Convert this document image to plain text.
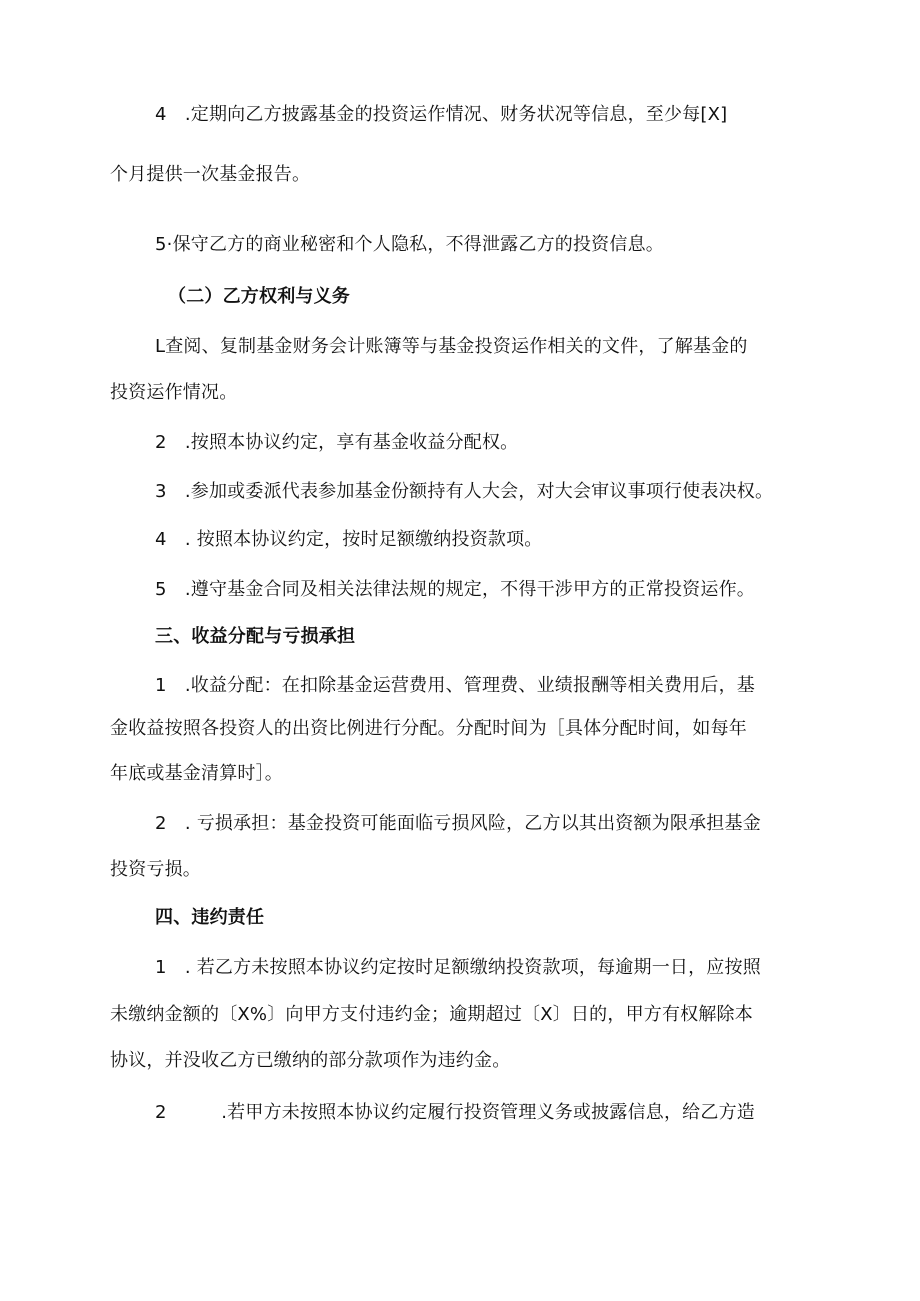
4　.定期向乙方披露基金的投资运作情况、财务状况等信息，至少每[X]
个月提供一次基金报告。
5·保守乙方的商业秘密和个人隐私，不得泄露乙方的投资信息。
（二）乙方权利与义务
L查阅、复制基金财务会计账簿等与基金投资运作相关的文件，了解基金的
投资运作情况。
2　.按照本协议约定，享有基金收益分配权。
3　.参加或委派代表参加基金份额持有人大会，对大会审议事项行使表决权。
4　. 按照本协议约定，按时足额缴纳投资款项。
5　.遵守基金合同及相关法律法规的规定，不得干涉甲方的正常投资运作。
三、收益分配与亏损承担
1　.收益分配：在扣除基金运营费用、管理费、业绩报酬等相关费用后，基
金收益按照各投资人的出资比例进行分配。分配时间为［具体分配时间，如每年
年底或基金清算时］。
2　. 亏损承担：基金投资可能面临亏损风险，乙方以其出资额为限承担基金
投资亏损。
四、违约责任
1　. 若乙方未按照本协议约定按时足额缴纳投资款项，每逾期一日，应按照
未缴纳金额的〔X%〕向甲方支付违约金；逾期超过〔X〕日的，甲方有权解除本
协议，并没收乙方已缴纳的部分款项作为违约金。
2　　　.若甲方未按照本协议约定履行投资管理义务或披露信息，给乙方造
